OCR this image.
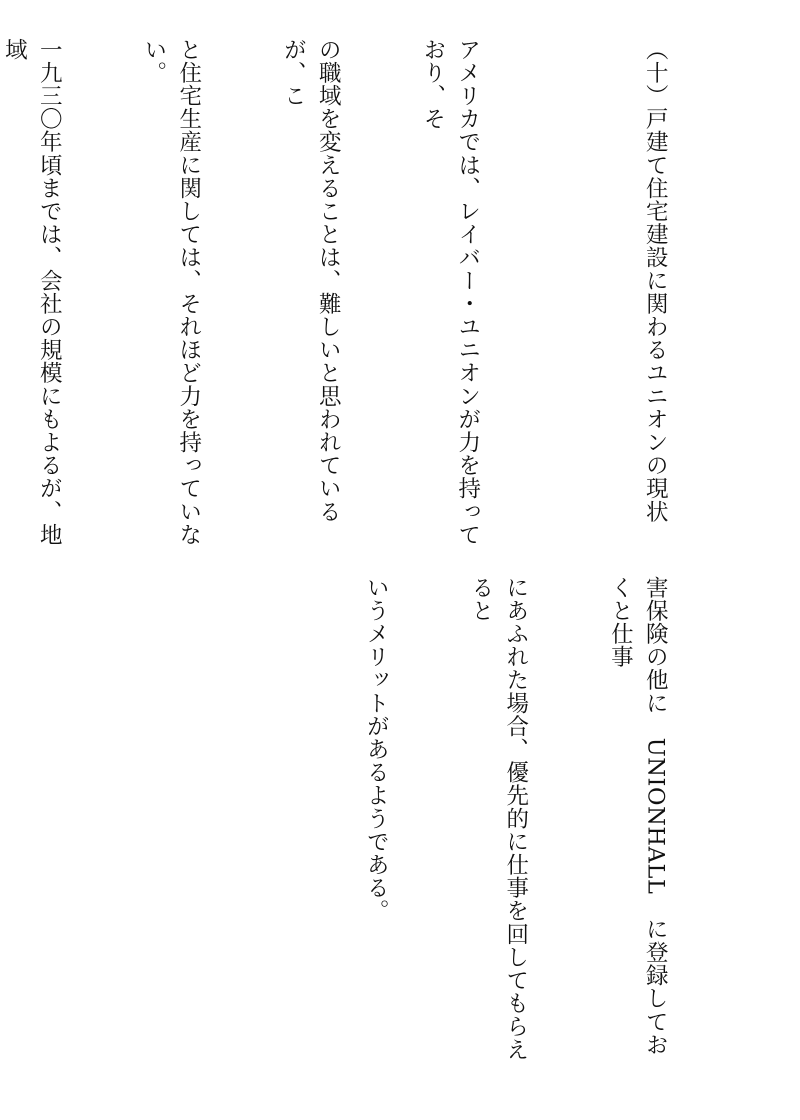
（十）戸建て住宅建設に関わるユニオンの現状

アメリカでは、レイバー・ユニオンが力を持っており、そ

の職域を変えることは、難しいと思われているが、こ

と住宅生産に関しては、それほど力を持っていない。

一九三〇年頃までは、会社の規模にもよるが、地域

害保険の他に　UNIONHALL　に登録しておくと仕事

にあふれた場合、優先的に仕事を回してもらえると

いうメリットがあるようである。
